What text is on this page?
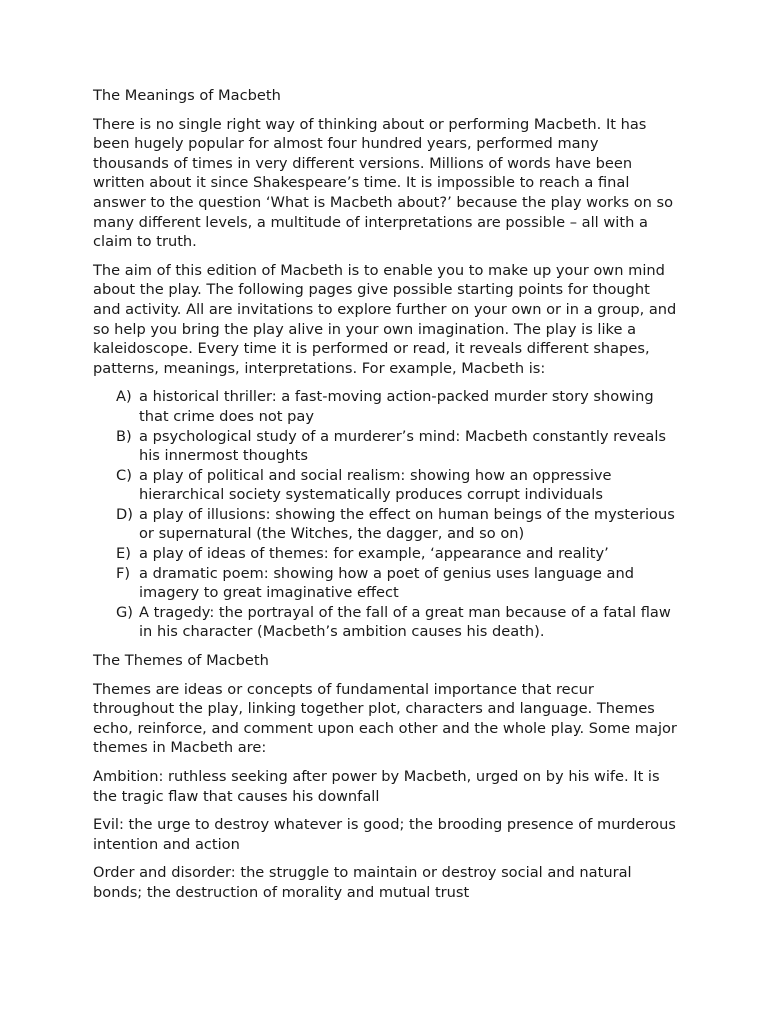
The Meanings of Macbeth

There is no single right way of thinking about or performing Macbeth. It has been hugely popular for almost four hundred years, performed many thousands of times in very different versions. Millions of words have been written about it since Shakespeare’s time. It is impossible to reach a final answer to the question ‘What is Macbeth about?’ because the play works on so many different levels, a multitude of interpretations are possible – all with a claim to truth.

The aim of this edition of Macbeth is to enable you to make up your own mind about the play. The following pages give possible starting points for thought and activity. All are invitations to explore further on your own or in a group, and so help you bring the play alive in your own imagination. The play is like a kaleidoscope. Every time it is performed or read, it reveals different shapes, patterns, meanings, interpretations. For example, Macbeth is:

A) a historical thriller: a fast-moving action-packed murder story showing that crime does not pay
B) a psychological study of a murderer’s mind: Macbeth constantly reveals his innermost thoughts
C) a play of political and social realism: showing how an oppressive hierarchical society systematically produces corrupt individuals
D) a play of illusions: showing the effect on human beings of the mysterious or supernatural (the Witches, the dagger, and so on)
E) a play of ideas of themes: for example, ‘appearance and reality’
F) a dramatic poem: showing how a poet of genius uses language and imagery to great imaginative effect
G) A tragedy: the portrayal of the fall of a great man because of a fatal flaw in his character (Macbeth’s ambition causes his death).
The Themes of Macbeth

Themes are ideas or concepts of fundamental importance that recur throughout the play, linking together plot, characters and language. Themes echo, reinforce, and comment upon each other and the whole play. Some major themes in Macbeth are:

Ambition: ruthless seeking after power by Macbeth, urged on by his wife. It is the tragic flaw that causes his downfall

Evil: the urge to destroy whatever is good; the brooding presence of murderous intention and action

Order and disorder: the struggle to maintain or destroy social and natural bonds; the destruction of morality and mutual trust
